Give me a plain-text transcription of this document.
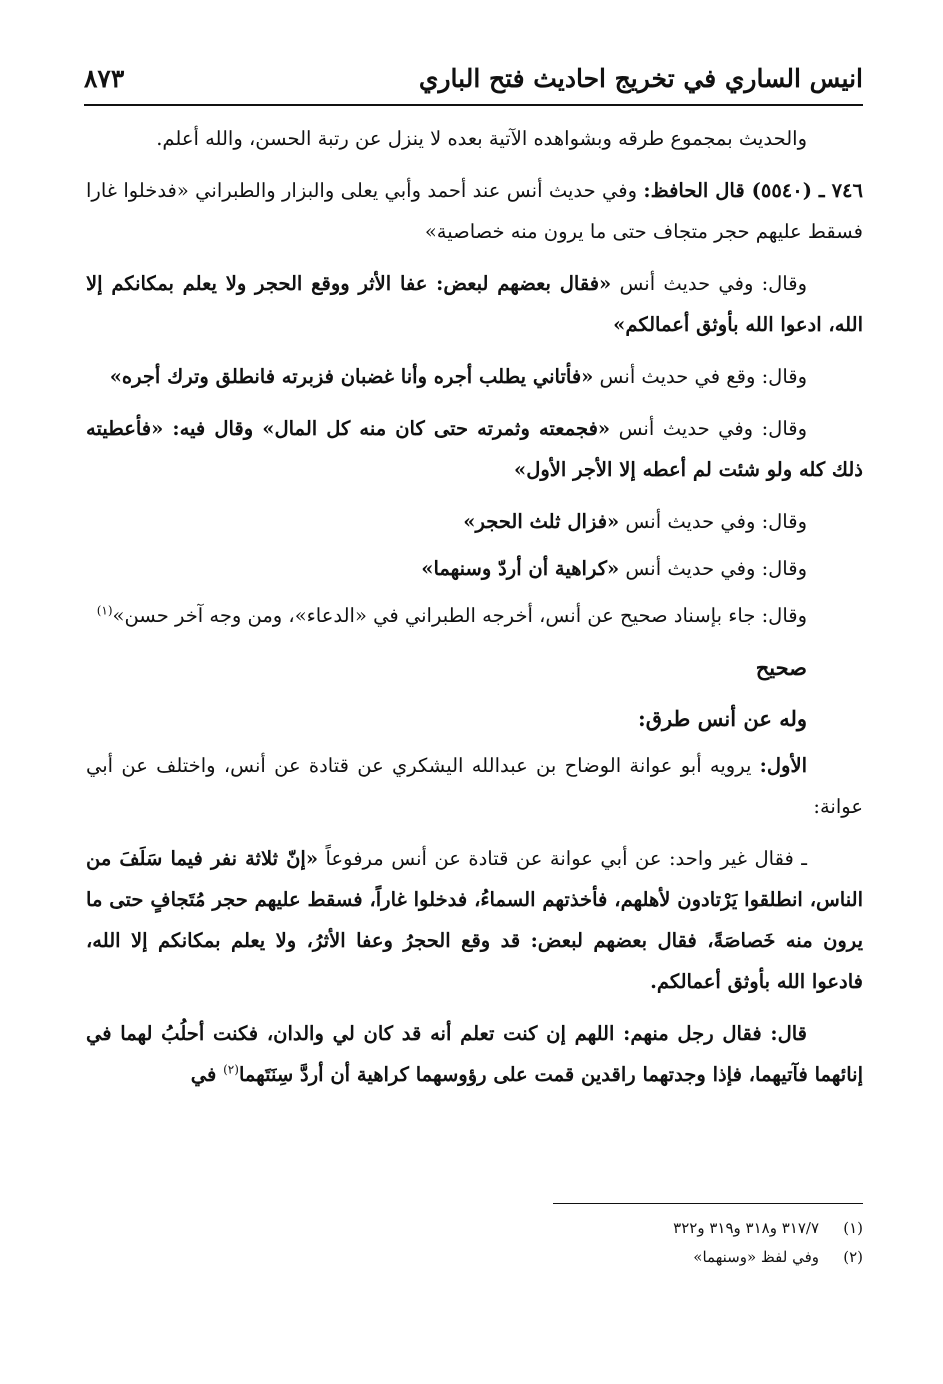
انيس الساري في تخريج احاديث فتح الباري
٨٧٣

والحديث بمجموع طرقه وبشواهده الآتية بعده لا ينزل عن رتبة الحسن، والله أعلم.

٧٤٦ ـ (٥٥٤٠) قال الحافظ: وفي حديث أنس عند أحمد وأبي يعلى والبزار والطبراني «فدخلوا غارا فسقط عليهم حجر متجاف حتى ما يرون منه خصاصية»

وقال: وفي حديث أنس «فقال بعضهم لبعض: عفا الأثر ووقع الحجر ولا يعلم بمكانكم إلا الله، ادعوا الله بأوثق أعمالكم»

وقال: وقع في حديث أنس «فأتاني يطلب أجره وأنا غضبان فزبرته فانطلق وترك أجره»

وقال: وفي حديث أنس «فجمعته وثمرته حتى كان منه كل المال» وقال فيه: «فأعطيته ذلك كله ولو شئت لم أعطه إلا الأجر الأول»

وقال: وفي حديث أنس «فزال ثلث الحجر»

وقال: وفي حديث أنس «كراهية أن أردّ وسنهما»

وقال: جاء بإسناد صحيح عن أنس، أخرجه الطبراني في «الدعاء»، ومن وجه آخر حسن»$^{(١)}$

صحيح
وله عن أنس طرق:

الأول: يرويه أبو عوانة الوضاح بن عبدالله اليشكري عن قتادة عن أنس، واختلف عن أبي عوانة:

ـ فقال غير واحد: عن أبي عوانة عن قتادة عن أنس مرفوعاً «إنّ ثلاثة نفر فيما سَلَفَ من الناس، انطلقوا يَرْتادون لأهلهم، فأخذتهم السماءُ، فدخلوا غاراً، فسقط عليهم حجر مُتَجافٍ حتى ما يرون منه خَصاصَةً، فقال بعضهم لبعض: قد وقع الحجرُ وعفا الأثرُ، ولا يعلم بمكانكم إلا الله، فادعوا الله بأوثق أعمالكم.

قال: فقال رجل منهم: اللهم إن كنت تعلم أنه قد كان لي والدان، فكنت أحلُبُ لهما في إنائهما فآتيهما، فإذا وجدتهما راقدين قمت على رؤوسهما كراهية أن أردَّ سِنَتَهما$^{(٢)}$ في

(١)٣١٧/٧ و٣١٨ و٣١٩ و٣٢٢
(٢)وفي لفظ «وسنهما»
